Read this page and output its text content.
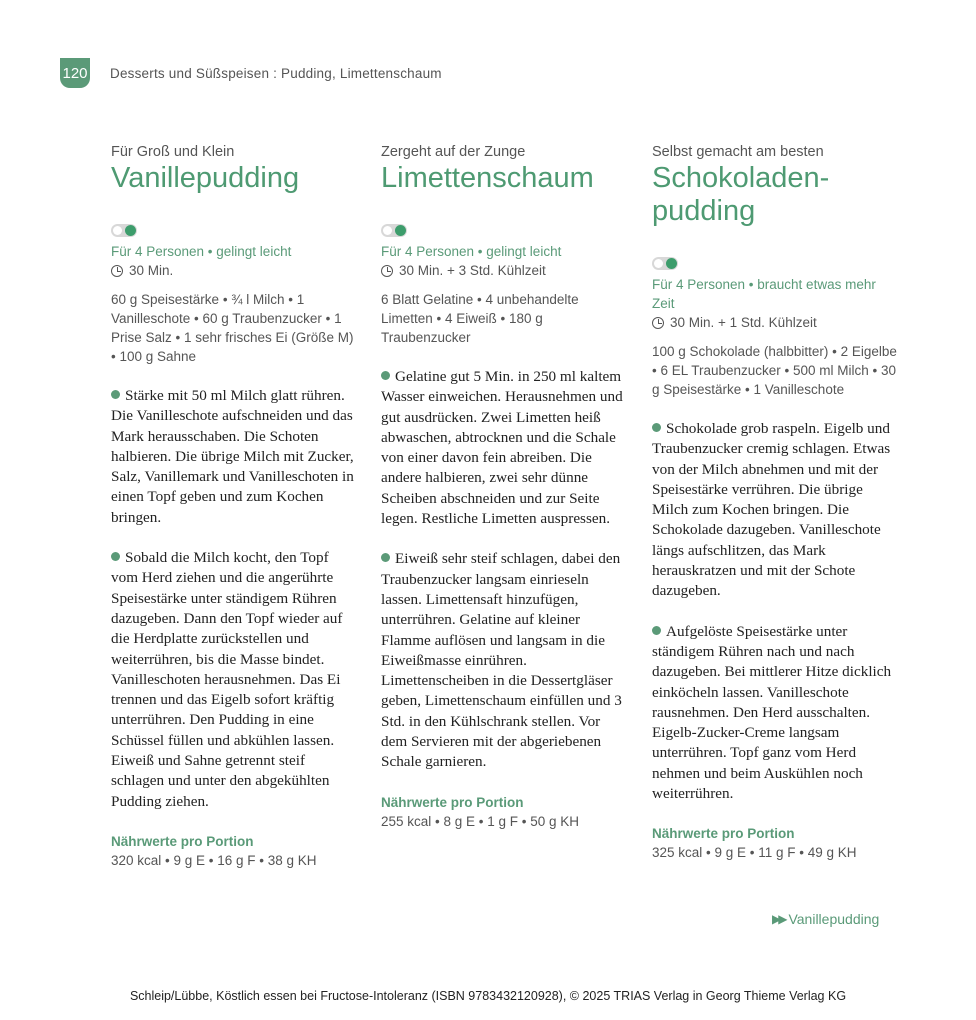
120 Desserts und Süßspeisen : Pudding, Limettenschaum
Für Groß und Klein
Vanillepudding
Für 4 Personen • gelingt leicht
30 Min.
60 g Speisestärke • ¾ l Milch • 1 Vanilleschote • 60 g Traubenzucker • 1 Prise Salz • 1 sehr frisches Ei (Größe M) • 100 g Sahne

Stärke mit 50 ml Milch glatt rühren. Die Vanilleschote aufschneiden und das Mark herausschaben. Die Schoten halbieren. Die übrige Milch mit Zucker, Salz, Vanillemark und Vanilleschoten in einen Topf geben und zum Kochen bringen.

Sobald die Milch kocht, den Topf vom Herd ziehen und die angerührte Speisestärke unter ständigem Rühren dazugeben. Dann den Topf wieder auf die Herdplatte zurückstellen und weiterrühren, bis die Masse bindet. Vanilleschoten herausnehmen. Das Ei trennen und das Eigelb sofort kräftig unterrühren. Den Pudding in eine Schüssel füllen und abkühlen lassen. Eiweiß und Sahne getrennt steif schlagen und unter den abgekühlten Pudding ziehen.

Nährwerte pro Portion
320 kcal • 9 g E • 16 g F • 38 g KH
Zergeht auf der Zunge
Limettenschaum
Für 4 Personen • gelingt leicht
30 Min. + 3 Std. Kühlzeit
6 Blatt Gelatine • 4 unbehandelte Limetten • 4 Eiweiß • 180 g Traubenzucker

Gelatine gut 5 Min. in 250 ml kaltem Wasser einweichen. Herausnehmen und gut ausdrücken. Zwei Limetten heiß abwaschen, abtrocknen und die Schale von einer davon fein abreiben. Die andere halbieren, zwei sehr dünne Scheiben abschneiden und zur Seite legen. Restliche Limetten auspressen.

Eiweiß sehr steif schlagen, dabei den Traubenzucker langsam einrieseln lassen. Limettensaft hinzufügen, unterrühren. Gelatine auf kleiner Flamme auflösen und langsam in die Eiweißmasse einrühren. Limettenscheiben in die Dessertgläser geben, Limettenschaum einfüllen und 3 Std. in den Kühlschrank stellen. Vor dem Servieren mit der abgeriebenen Schale garnieren.

Nährwerte pro Portion
255 kcal • 8 g E • 1 g F • 50 g KH
Selbst gemacht am besten
Schokoladen-
pudding
Für 4 Personen • braucht etwas mehr Zeit
30 Min. + 1 Std. Kühlzeit
100 g Schokolade (halbbitter) • 2 Eigelbe • 6 EL Traubenzucker • 500 ml Milch • 30 g Speisestärke • 1 Vanilleschote

Schokolade grob raspeln. Eigelb und Traubenzucker cremig schlagen. Etwas von der Milch abnehmen und mit der Speisestärke verrühren. Die übrige Milch zum Kochen bringen. Die Schokolade dazugeben. Vanilleschote längs aufschlitzen, das Mark herauskratzen und mit der Schote dazugeben.

Aufgelöste Speisestärke unter ständigem Rühren nach und nach dazugeben. Bei mittlerer Hitze dicklich einköcheln lassen. Vanilleschote rausnehmen. Den Herd ausschalten. Eigelb-Zucker-Creme langsam unterrühren. Topf ganz vom Herd nehmen und beim Auskühlen noch weiterrühren.

Nährwerte pro Portion
325 kcal • 9 g E • 11 g F • 49 g KH
▶▶ Vanillepudding
Schleip/Lübbe, Köstlich essen bei Fructose-Intoleranz (ISBN 9783432120928), © 2025 TRIAS Verlag in Georg Thieme Verlag KG
